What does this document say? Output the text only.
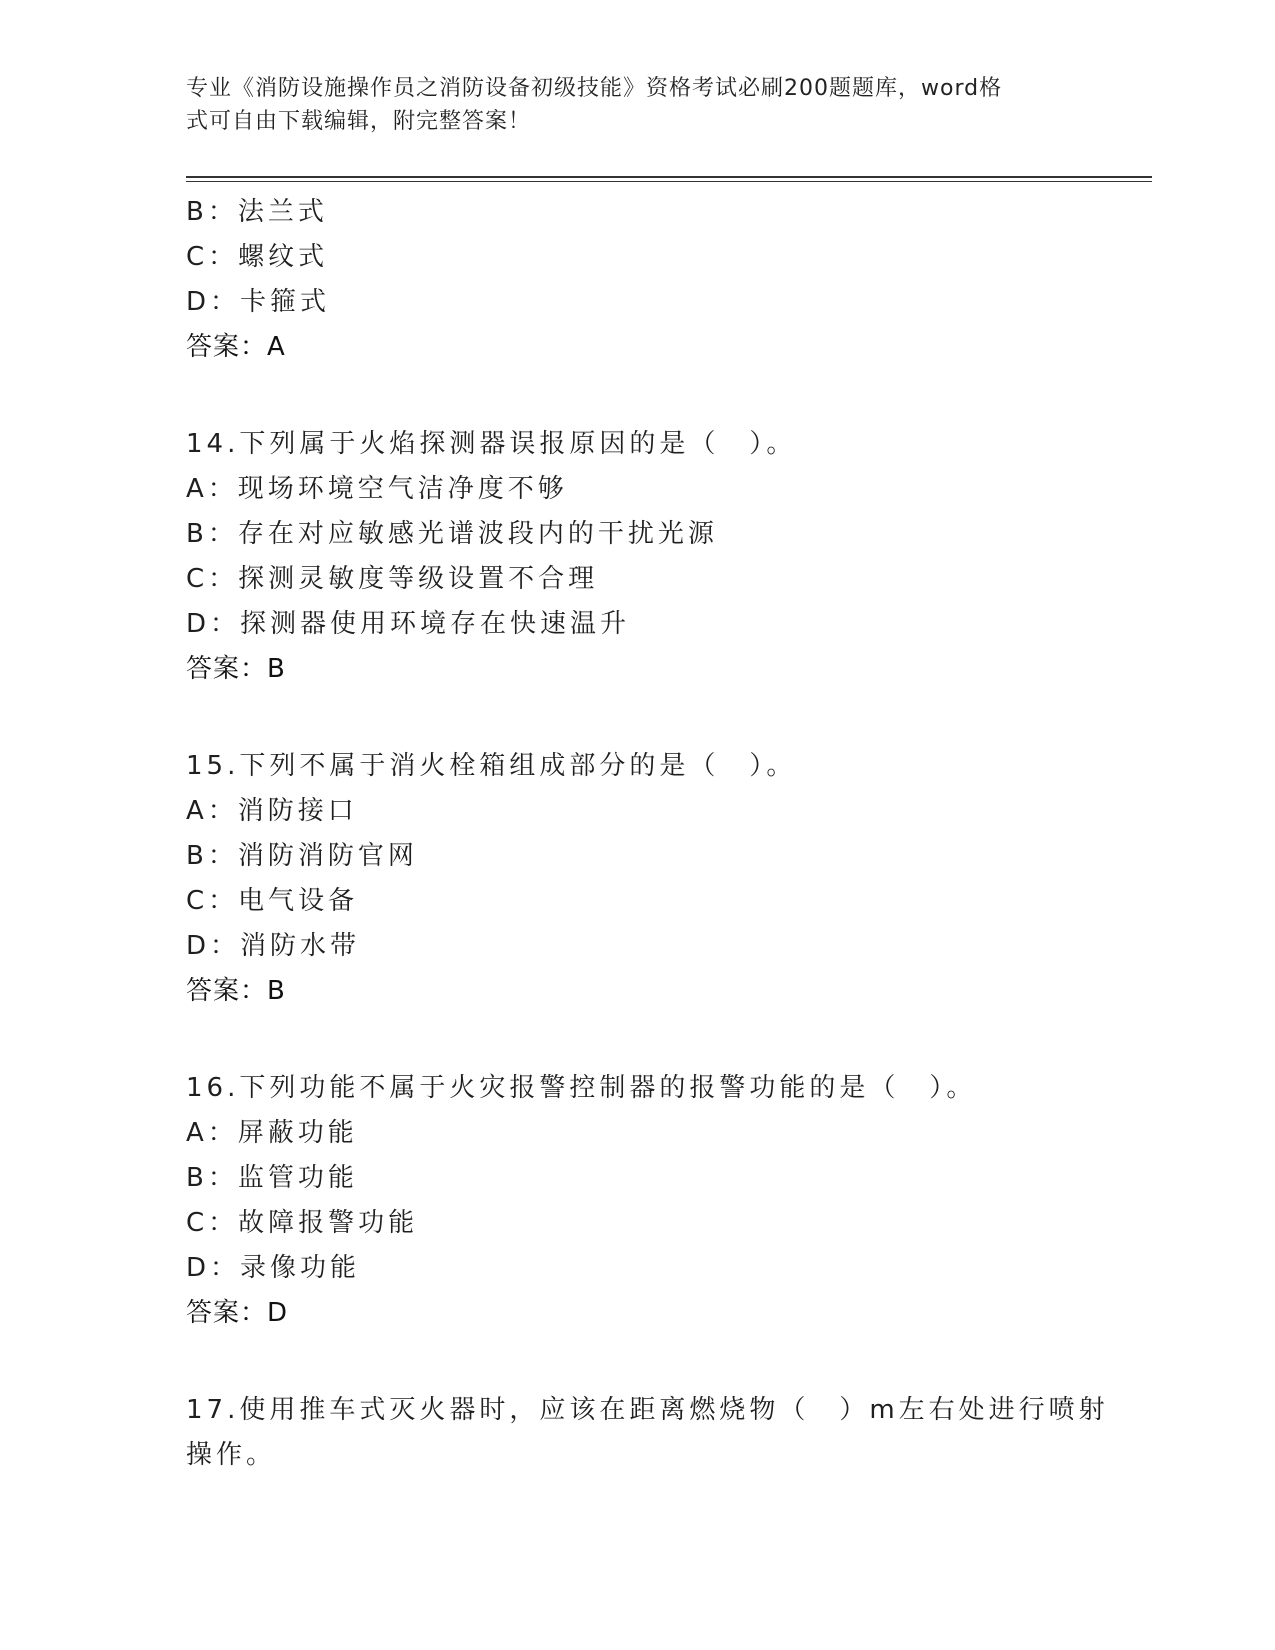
专业《消防设施操作员之消防设备初级技能》资格考试必刷200题题库，word格
式可自由下载编辑，附完整答案！
B：法兰式
C：螺纹式
D：卡箍式
答案：A
14.下列属于火焰探测器误报原因的是（　）。
A：现场环境空气洁净度不够
B：存在对应敏感光谱波段内的干扰光源
C：探测灵敏度等级设置不合理
D：探测器使用环境存在快速温升
答案：B
15.下列不属于消火栓箱组成部分的是（　）。
A：消防接口
B：消防消防官网
C：电气设备
D：消防水带
答案：B
16.下列功能不属于火灾报警控制器的报警功能的是（　）。
A：屏蔽功能
B：监管功能
C：故障报警功能
D：录像功能
答案：D
17.使用推车式灭火器时，应该在距离燃烧物（　）m左右处进行喷射
操作。
